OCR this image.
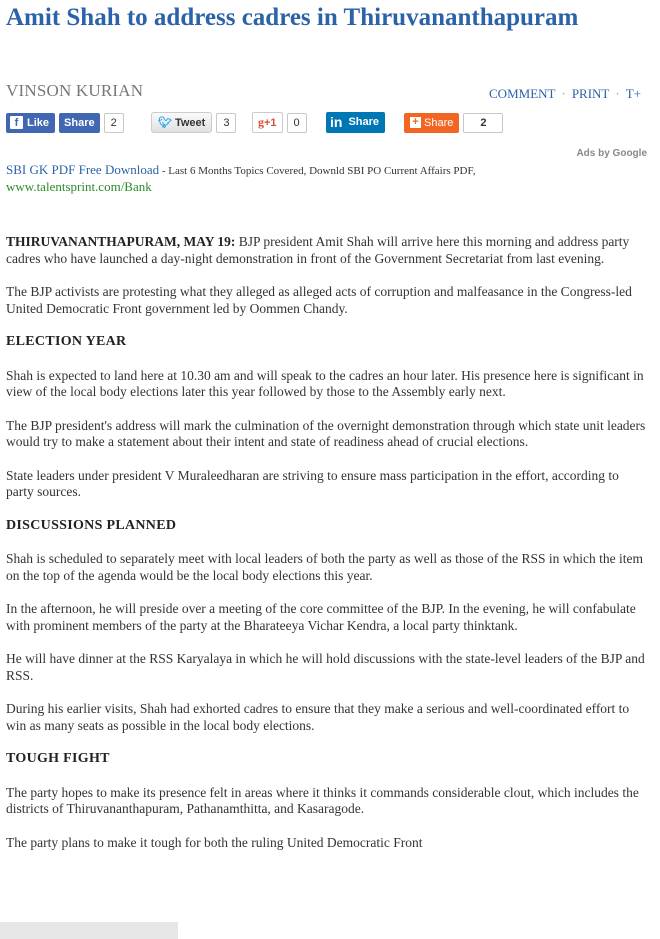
Amit Shah to address cadres in Thiruvananthapuram
VINSON KURIAN	COMMENT · PRINT · T+
f Like	Share	2	🐦︎ Tweet	3	g +1	0	in Share	+ Share	2
Ads by Google
SBI GK PDF Free Download - Last 6 Months Topics Covered, Downld SBI PO Current Affairs PDF,
www.talentsprint.com/Bank

THIRUVANANTHAPURAM, MAY 19: BJP president Amit Shah will arrive here this morning and address party cadres who have launched a day-night demonstration in front of the Government Secretariat from last evening.

The BJP activists are protesting what they alleged as alleged acts of corruption and malfeasance in the Congress-led United Democratic Front government led by Oommen Chandy.

ELECTION YEAR

Shah is expected to land here at 10.30 am and will speak to the cadres an hour later. His presence here is significant in view of the local body elections later this year followed by those to the Assembly early next.

The BJP president's address will mark the culmination of the overnight demonstration through which state unit leaders would try to make a statement about their intent and state of readiness ahead of crucial elections.

State leaders under president V Muraleedharan are striving to ensure mass participation in the effort, according to party sources.

DISCUSSIONS PLANNED

Shah is scheduled to separately meet with local leaders of both the party as well as those of the RSS in which the item on the top of the agenda would be the local body elections this year.

In the afternoon, he will preside over a meeting of the core committee of the BJP. In the evening, he will confabulate with prominent members of the party at the Bharateeya Vichar Kendra, a local party thinktank.

He will have dinner at the RSS Karyalaya in which he will hold discussions with the state-level leaders of the BJP and RSS.

During his earlier visits, Shah had exhorted cadres to ensure that they make a serious and well-coordinated effort to win as many seats as possible in the local body elections.

TOUGH FIGHT

The party hopes to make its presence felt in areas where it thinks it commands considerable clout, which includes the districts of Thiruvananthapuram, Pathanamthitta, and Kasaragode.

The party plans to make it tough for both the ruling United Democratic Front
